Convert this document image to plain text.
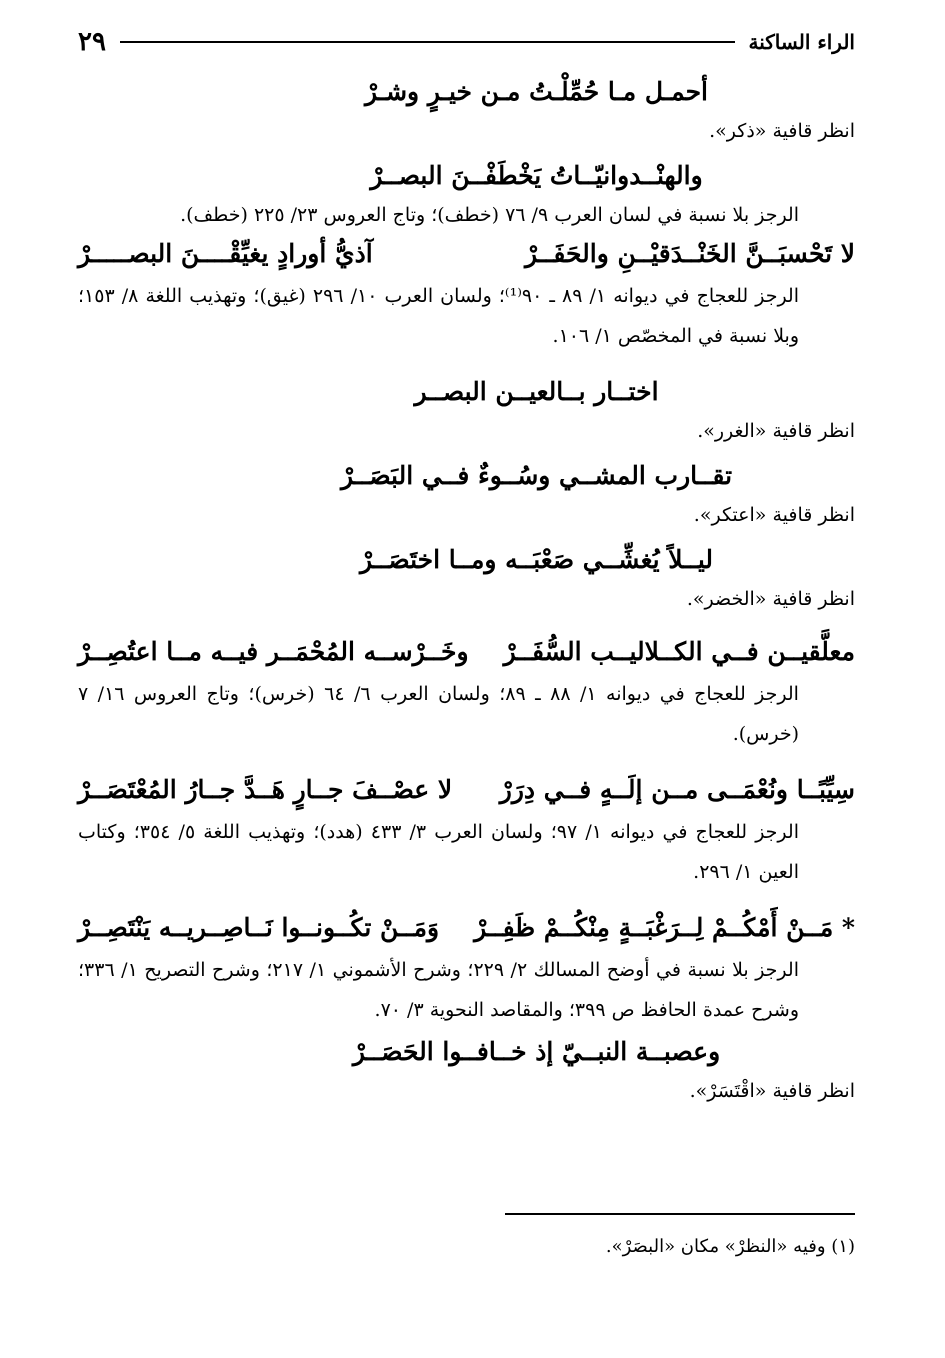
الراء الساكنة
٢٩
أحمـل مـا حُمِّلْـتُ مـن خيـرٍ وشـرْ
انظر قافية «ذكر».
والهنْــدوانيّــاتُ يَخْطَفْــنَ البصــرْ
الرجز بلا نسبة في لسان العرب ٩/ ٧٦ (خطف)؛ وتاج العروس ٢٣/ ٢٢٥ (خطف).
لا تَحْسبَــنَّ الخَنْــدَقيْــنِ والحَفَــرْ
آذيُّ أورادٍ يغيِّقْــــنَ البصـــــرْ
الرجز للعجاج في ديوانه ١/ ٨٩ ـ ٩٠⁽¹⁾؛ ولسان العرب ١٠/ ٢٩٦ (غيق)؛ وتهذيب اللغة ٨/ ١٥٣؛ وبلا نسبة في المخصّص ١/ ١٠٦.
اختــار بــالعيــن البصــر
انظر قافية «الغرر».
تقــارب المشــي وسُــوءٌ فــي البَصَــرْ
انظر قافية «اعتكر».
ليــلاً يُغشِّــي صَعْبَــه ومــا اختَصَــرْ
انظر قافية «الخضر».
معلَّقيــن فــي الكــلاليــب السُّفَــرْ
وخَــرْســه المُحْمَــر فيــه مــا اعتُصِــرْ
الرجز للعجاج في ديوانه ١/ ٨٨ ـ ٨٩؛ ولسان العرب ٦/ ٦٤ (خرس)؛ وتاج العروس ١٦/ ٧ (خرس).
سِيِّبًــا ونُعْمَــى مــن إلَــهٍ فــي دِرَرْ
لا عصْــفَ جــارٍ هَــدَّ جــارُ المُعْتَصَــرْ
الرجز للعجاج في ديوانه ١/ ٩٧؛ ولسان العرب ٣/ ٤٣٣ (هدد)؛ وتهذيب اللغة ٥/ ٣٥٤؛ وكتاب العين ١/ ٢٩٦.
* مَــنْ أَمْكُــمْ لِــرَغْبَــةٍ مِنْكُــمْ ظَفِــرْ
وَمَــنْ تكُــونــوا نَــاصِــريــه يَنْتَصِــرْ
الرجز بلا نسبة في أوضح المسالك ٢/ ٢٢٩؛ وشرح الأشموني ١/ ٢١٧؛ وشرح التصريح ١/ ٣٣٦؛ وشرح عمدة الحافظ ص ٣٩٩؛ والمقاصد النحوية ٣/ ٧٠.
وعصبــة النبــيّ إذ خــافــوا الحَصَــرْ
انظر قافية «اقْتَسَرْ».
(١) وفيه «النظرْ» مكان «البصَرْ».
